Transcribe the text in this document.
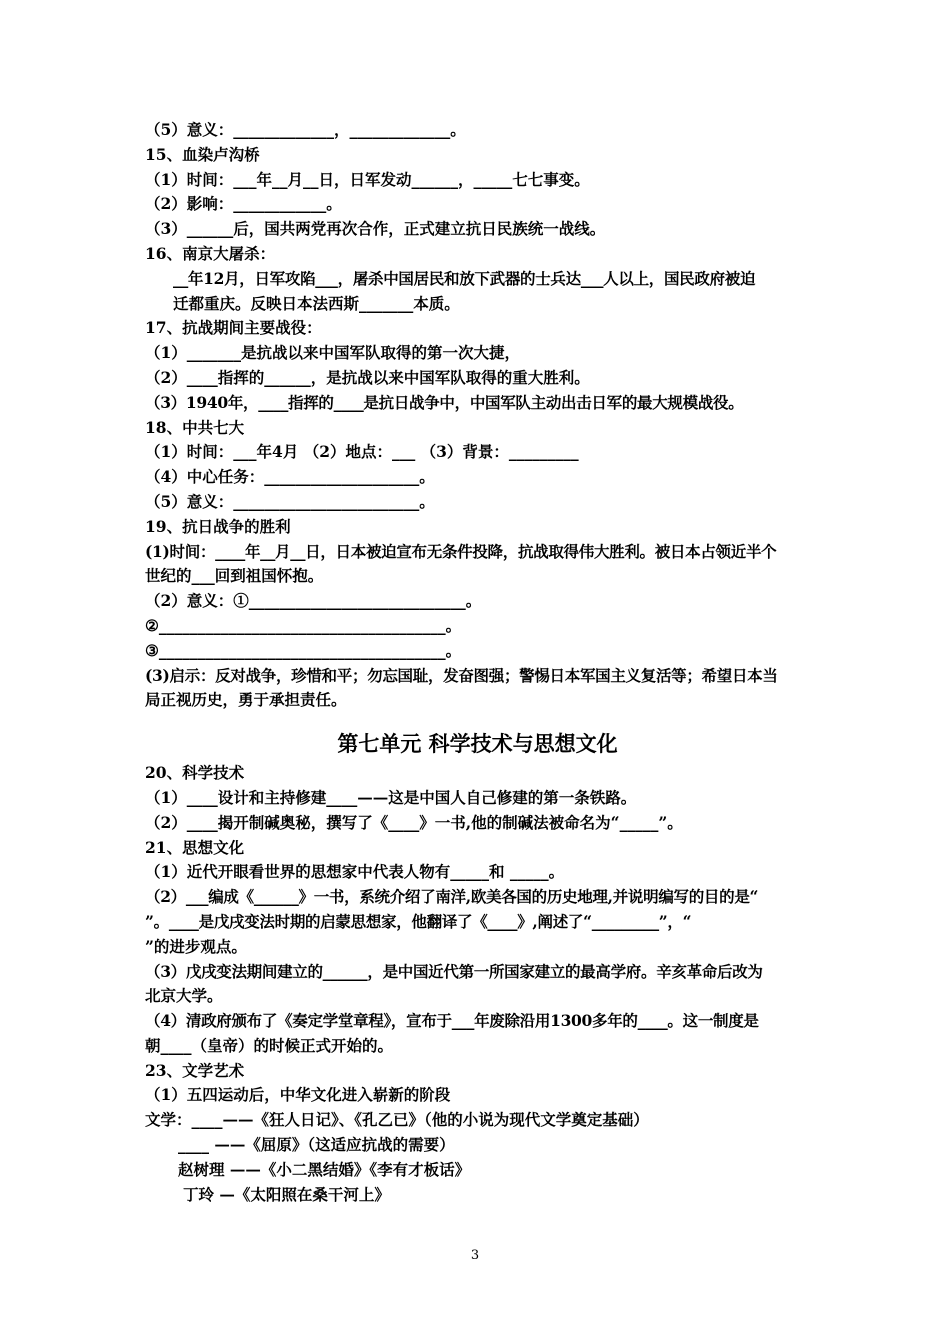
（5）意义：_____________，_____________。
15、血染卢沟桥
（1）时间：___年__月__日，日军发动______，_____七七事变。
（2）影响：____________。
（3）______后，国共两党再次合作，正式建立抗日民族统一战线。
16、南京大屠杀：
__年12月，日军攻陷___，屠杀中国居民和放下武器的士兵达___人以上，国民政府被迫
迁都重庆。反映日本法西斯_______本质。
17、抗战期间主要战役：
（1）_______是抗战以来中国军队取得的第一次大捷，
（2）____指挥的______，是抗战以来中国军队取得的重大胜利。
（3）1940年，____指挥的____是抗日战争中，中国军队主动出击日军的最大规模战役。
18、中共七大
（1）时间：___年4月 （2）地点：___ （3）背景：_________
（4）中心任务：____________________。
（5）意义：________________________。
19、抗日战争的胜利
(1)时间：____年__月__日，日本被迫宣布无条件投降，抗战取得伟大胜利。被日本占领近半个
世纪的___回到祖国怀抱。
（2）意义：①____________________________。
②_____________________________________。
③_____________________________________。
(3)启示：反对战争，珍惜和平；勿忘国耻，发奋图强；警惕日本军国主义复活等；希望日本当
局正视历史，勇于承担责任。
第七单元 科学技术与思想文化
20、科学技术
（1）____设计和主持修建____——这是中国人自己修建的第一条铁路。
（2）____揭开制碱奥秘，撰写了《____》一书,他的制碱法被命名为“_____”。
21、思想文化
（1）近代开眼看世界的思想家中代表人物有_____和 _____。
（2）___编成《______》一书，系统介绍了南洋,欧美各国的历史地理,并说明编写的目的是“
”。____是戊戌变法时期的启蒙思想家，他翻译了《____》,阐述了“_________”，“
”的进步观点。
（3）戊戌变法期间建立的______，是中国近代第一所国家建立的最高学府。辛亥革命后改为
北京大学。
（4）清政府颁布了《奏定学堂章程》，宣布于___年废除沿用1300多年的____。这一制度是
朝____（皇帝）的时候正式开始的。
23、文学艺术
（1）五四运动后，中华文化进入崭新的阶段
文学：____——《狂人日记》、《孔乙已》（他的小说为现代文学奠定基础）
____ ——《屈原》（这适应抗战的需要）
赵树理 ——《小二黑结婚》《李有才板话》
丁玲 —《太阳照在桑干河上》
3
